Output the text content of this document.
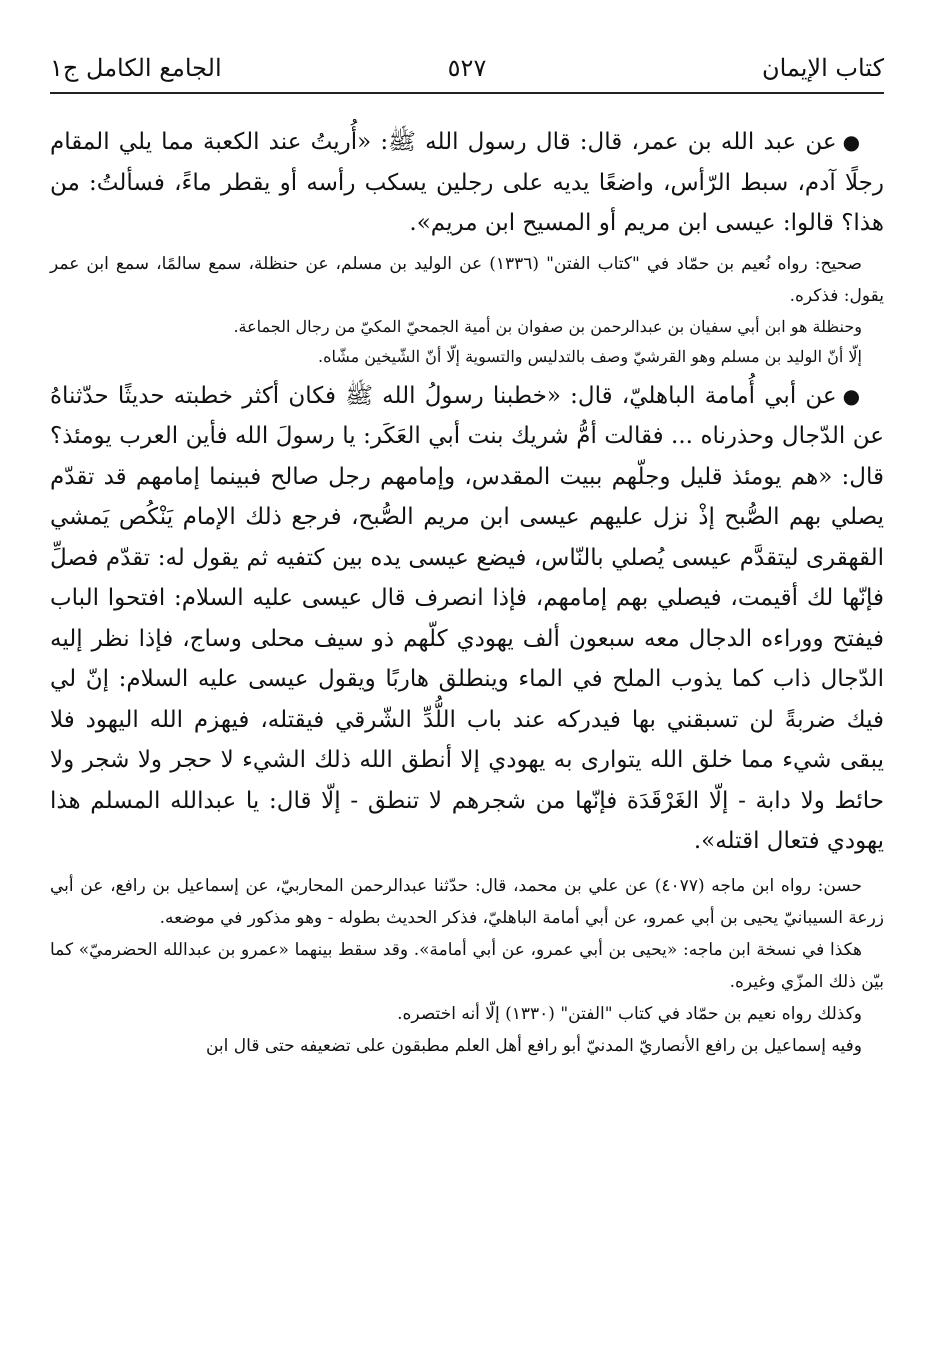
كتاب الإيمان
٥٢٧
الجامع الكامل ج١

●عن عبد الله بن عمر، قال: قال رسول الله ﷺ: «أُريتُ عند الكعبة مما يلي المقام رجلًا آدم، سبط الرّأس، واضعًا يديه على رجلين يسكب رأسه أو يقطر ماءً، فسألتُ: من هذا؟ قالوا: عيسى ابن مريم أو المسيح ابن مريم».

صحيح: رواه نُعيم بن حمّاد في "كتاب الفتن" (١٣٣٦) عن الوليد بن مسلم، عن حنظلة، سمع سالمًا، سمع ابن عمر يقول: فذكره.

وحنظلة هو ابن أبي سفيان بن عبدالرحمن بن صفوان بن أمية الجمحيّ المكيّ من رجال الجماعة.

إلّا أنّ الوليد بن مسلم وهو القرشيّ وصف بالتدليس والتسوية إلّا أنّ الشّيخين مشّاه.

●عن أبي أُمامة الباهليّ، قال: «خطبنا رسولُ الله ﷺ فكان أكثر خطبته حديثًا حدّثناهُ عن الدّجال وحذرناه ... فقالت أمُّ شريك بنت أبي العَكَر: يا رسولَ الله فأين العرب يومئذ؟ قال: «هم يومئذ قليل وجلّهم ببيت المقدس، وإمامهم رجل صالح فبينما إمامهم قد تقدّم يصلي بهم الصُّبح إذْ نزل عليهم عيسى ابن مريم الصُّبح، فرجع ذلك الإمام يَنْكُص يَمشي القهقرى ليتقدَّم عيسى يُصلي بالنّاس، فيضع عيسى يده بين كتفيه ثم يقول له: تقدّم فصلِّ فإنّها لك أقيمت، فيصلي بهم إمامهم، فإذا انصرف قال عيسى عليه السلام: افتحوا الباب فيفتح ووراءه الدجال معه سبعون ألف يهودي كلّهم ذو سيف محلى وساج، فإذا نظر إليه الدّجال ذاب كما يذوب الملح في الماء وينطلق هاربًا ويقول عيسى عليه السلام: إنّ لي فيك ضربةً لن تسبقني بها فيدركه عند باب اللُّدِّ الشّرقي فيقتله، فيهزم الله اليهود فلا يبقى شيء مما خلق الله يتوارى به يهودي إلا أنطق الله ذلك الشيء لا حجر ولا شجر ولا حائط ولا دابة - إلّا الغَرْقَدَة فإنّها من شجرهم لا تنطق - إلّا قال: يا عبدالله المسلم هذا يهودي فتعال اقتله».

حسن: رواه ابن ماجه (٤٠٧٧) عن علي بن محمد، قال: حدّثنا عبدالرحمن المحاربيّ، عن إسماعيل بن رافع، عن أبي زرعة السيبانيّ يحيى بن أبي عمرو، عن أبي أمامة الباهليّ، فذكر الحديث بطوله - وهو مذكور في موضعه.

هكذا في نسخة ابن ماجه: «يحيى بن أبي عمرو، عن أبي أمامة». وقد سقط بينهما «عمرو بن عبدالله الحضرميّ» كما بيّن ذلك المزّي وغيره.

وكذلك رواه نعيم بن حمّاد في كتاب "الفتن" (١٣٣٠) إلّا أنه اختصره.

وفيه إسماعيل بن رافع الأنصاريّ المدنيّ أبو رافع أهل العلم مطبقون على تضعيفه حتى قال ابن
